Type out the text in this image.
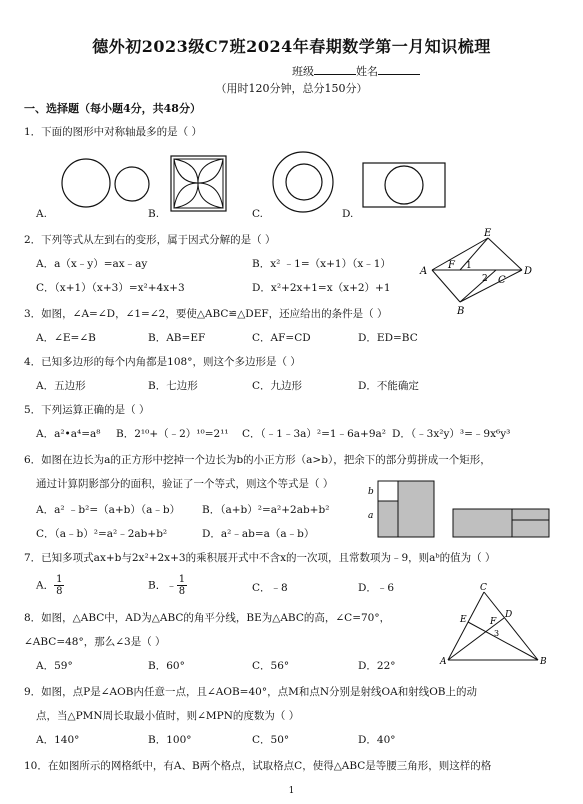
德外初2023级C7班2024年春期数学第一月知识梳理
班级	姓名
（用时120分钟，总分150分）
一、选择题（每小题4分，共48分）
1．下面的图形中对称轴最多的是（ ）
A.	B.	C.	D.
2．下列等式从左到右的变形，属于因式分解的是（ ）
A．a（x﹣y）=ax﹣ay	B．x² ﹣1=（x+1）（x﹣1）
C．（x+1）（x+3）=x²+4x+3	D．x²+2x+1=x（x+2）+1
A
E
D
B
F
C
1
2
3．如图，∠A=∠D，∠1=∠2，要使△ABC≌△DEF，还应给出的条件是（ ）
A．∠E=∠B	B．AB=EF	C．AF=CD	D．ED=BC
4．已知多边形的每个内角都是108°，则这个多边形是（ ）
A．五边形	B．七边形	C．九边形	D．不能确定
5．下列运算正确的是（ ）
A．a²•a⁴=a⁸ B．2¹⁰+（﹣2）¹⁰=2¹¹ C．（﹣1﹣3a）²=1﹣6a+9a² D．（﹣3x²y）³=﹣9x⁶y³
6．如图在边长为a的正方形中挖掉一个边长为b的小正方形（a>b），把余下的部分剪拼成一个矩形，
通过计算阴影部分的面积，验证了一个等式，则这个等式是（ ）
A．a² ﹣b²=（a+b）（a﹣b） B．（a+b）²=a²+2ab+b²
C．（a﹣b）²=a²﹣2ab+b²	D．a²﹣ab=a（a﹣b）
a
b
7．已知多项式ax+b与2x²+2x+3的乘积展开式中不含x的一次项，且常数项为﹣9，则aᵇ的值为（ ）
A． $\frac{1}{8}$	B．﹣ $\frac{1}{8}$	C．﹣8	D．﹣6
8．如图，△ABC中，AD为△ABC的角平分线，BE为△ABC的高，∠C=70°，
∠ABC=48°，那么∠3是（ ）
A．59°	B．60°	C．56°	D．22°
C
D
E	F
3
A	B
9．如图，点P是∠AOB内任意一点，且∠AOB=40°，点M和点N分别是射线OA和射线OB上的动
点，当△PMN周长取最小值时，则∠MPN的度数为（ ）
A．140°	B．100°	C．50°	D．40°
10．在如图所示的网格纸中，有A、B两个格点，试取格点C，使得△ABC是等腰三角形，则这样的格
1
